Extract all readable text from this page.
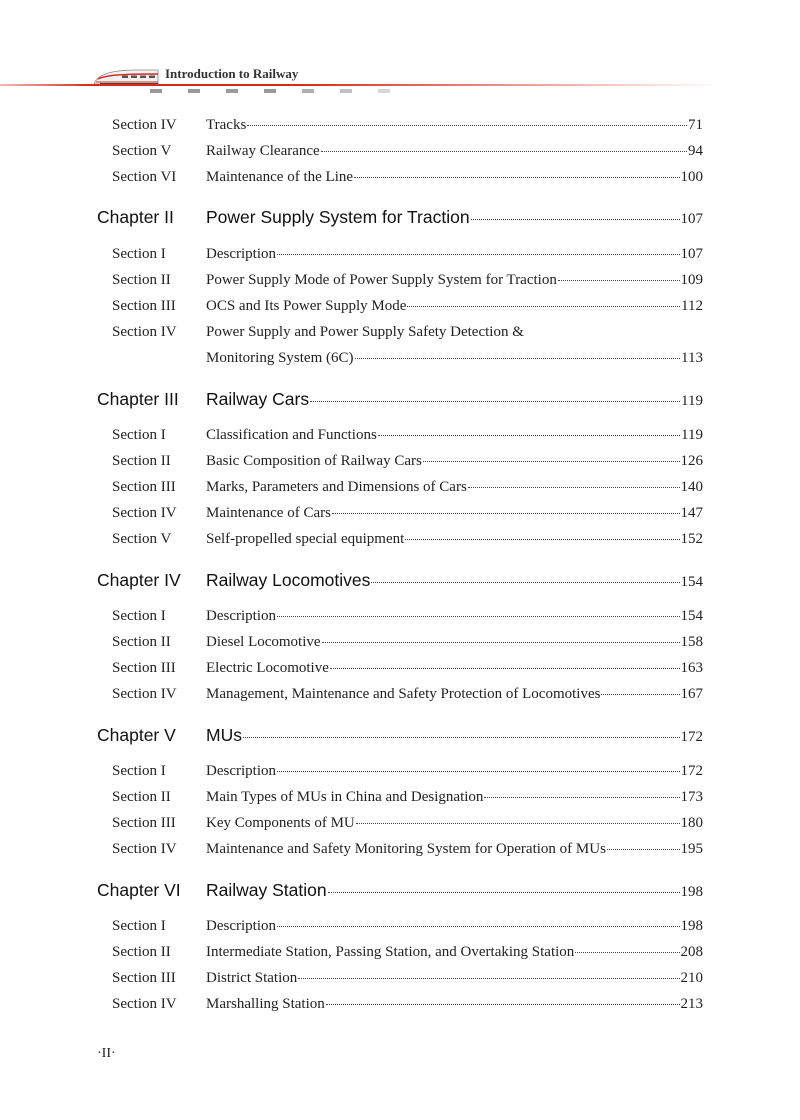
Introduction to Railway
Section IV Tracks	71
Section V Railway Clearance	94
Section VI Maintenance of the Line	100
Chapter II Power Supply System for Traction	107
Section I	Description	107
Section II Power Supply Mode of Power Supply System for Traction	109
Section III OCS and Its Power Supply Mode	112
Section IV Power Supply and Power Supply Safety Detection &
Monitoring System (6C)	113
Chapter III Railway Cars	119
Section I	Classification and Functions	119
Section II Basic Composition of Railway Cars	126
Section III Marks, Parameters and Dimensions of Cars	140
Section IV Maintenance of Cars	147
Section V Self-propelled special equipment	152
Chapter IV Railway Locomotives	154
Section I	Description	154
Section II Diesel Locomotive	158
Section III Electric Locomotive	163
Section IV Management, Maintenance and Safety Protection of Locomotives	167
Chapter V MUs	172
Section I	Description	172
Section II Main Types of MUs in China and Designation	173
Section III Key Components of MU	180
Section IV Maintenance and Safety Monitoring System for Operation of MUs	195
Chapter VI Railway Station	198
Section I	Description	198
Section II Intermediate Station, Passing Station, and Overtaking Station	208
Section III District Station	210
Section IV Marshalling Station	213
·II·
